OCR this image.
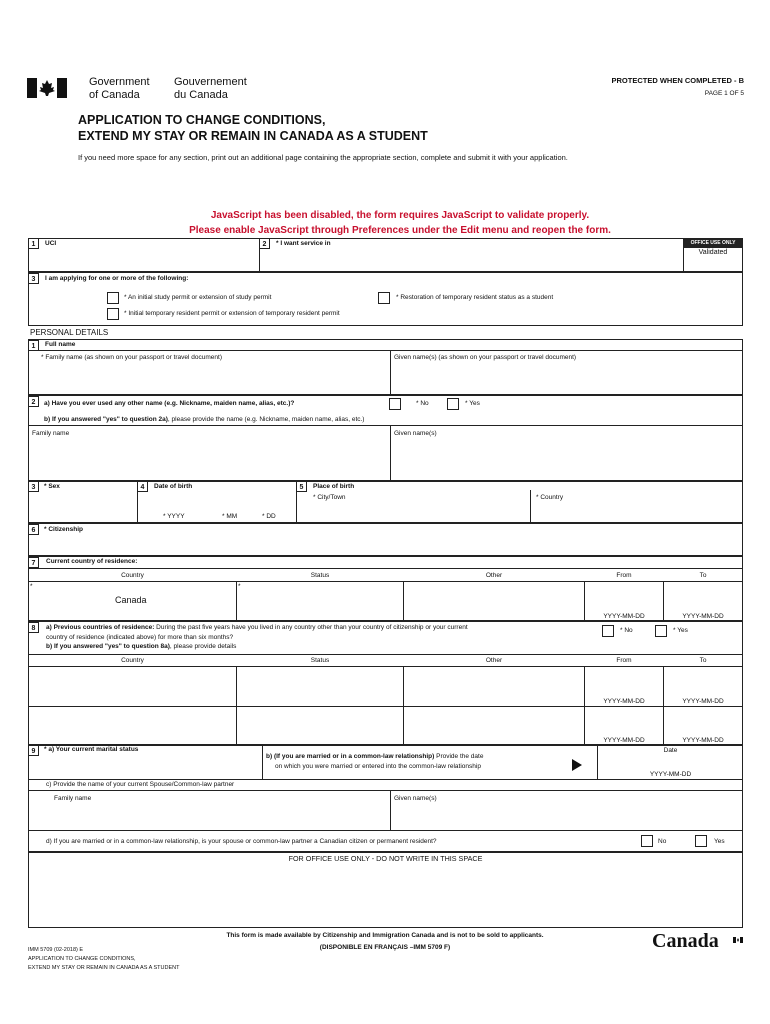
Government
of Canada
Gouvernement
du Canada
PROTECTED WHEN COMPLETED - B
PAGE 1 OF 5
APPLICATION TO CHANGE CONDITIONS,
EXTEND MY STAY OR REMAIN IN CANADA AS A STUDENT
If you need more space for any section, print out an additional page containing the appropriate section, complete and submit it with your application.
JavaScript has been disabled, the form requires JavaScript to validate properly.
Please enable JavaScript through Preferences under the Edit menu and reopen the form.
1	UCI	2	* I want service in	OFFICE USE ONLY
Validated
3	I am applying for one or more of the following:
* An initial study permit or extension of study permit	* Restoration of temporary resident status as a student
* Initial temporary resident permit or extension of temporary resident permit
PERSONAL DETAILS
1	Full name
* Family name (as shown on your passport or travel document)	Given name(s) (as shown on your passport or travel document)
2	a) Have you ever used any other name (e.g. Nickname, maiden name, alias, etc.)?	* No	* Yes
b) If you answered "yes" to question 2a), please provide the name (e.g. Nickname, maiden name, alias, etc.)
Family name	Given name(s)
3	* Sex	4	Date of birth
* YYYY	* MM	* DD
5	Place of birth
* City/Town	* Country
6	* Citizenship
7	Current country of residence:
Country	Status	Other	From	To
*	*
Canada
YYYY-MM-DD	YYYY-MM-DD
8	a) Previous countries of residence: During the past five years have you lived in any country other than your country of citizenship or your current
country of residence (indicated above) for more than six months?
b) If you answered "yes" to question 8a), please provide details
* No	* Yes
Country	Status	Other	From	To
YYYY-MM-DD	YYYY-MM-DD
YYYY-MM-DD	YYYY-MM-DD
9	* a) Your current marital status
b) (If you are married or in a common-law relationship) Provide the date
on which you were married or entered into the common-law relationship
Date
YYYY-MM-DD
c) Provide the name of your current Spouse/Common-law partner
Family name	Given name(s)
d) If you are married or in a common-law relationship, is your spouse or common-law partner a Canadian citizen or permanent resident?	No	Yes
FOR OFFICE USE ONLY - DO NOT WRITE IN THIS SPACE
This form is made available by Citizenship and Immigration Canada and is not to be sold to applicants.
(DISPONIBLE EN FRANÇAIS –IMM 5709 F)
IMM 5709 (02-2018) E
APPLICATION TO CHANGE CONDITIONS,
EXTEND MY STAY OR REMAIN IN CANADA AS A STUDENT
Canada
